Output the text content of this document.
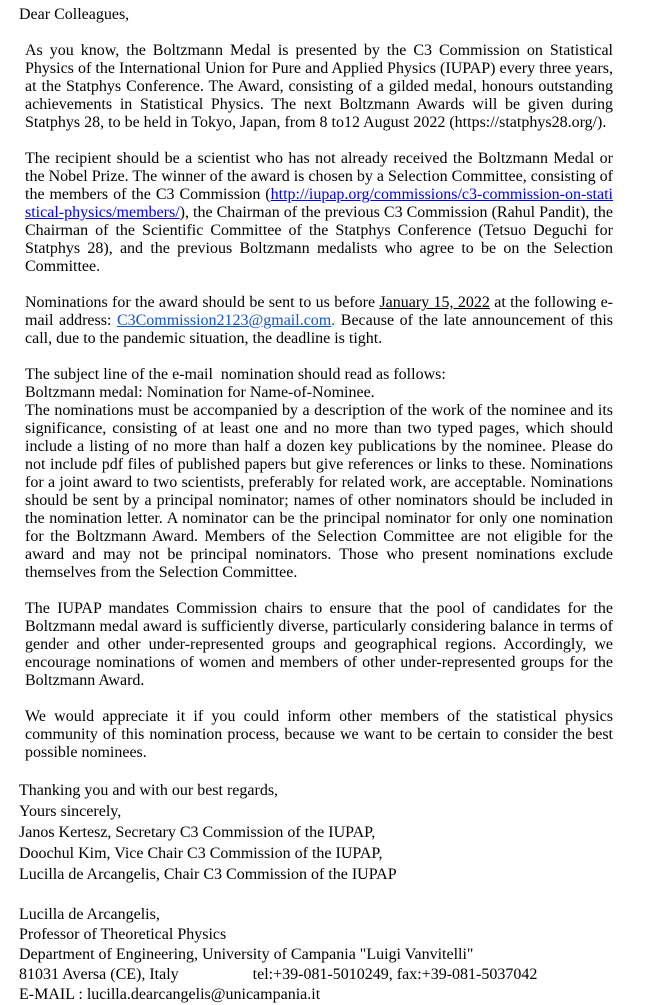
Dear Colleagues,

As you know, the Boltzmann Medal is presented by the C3 Commission on Statistical Physics of the International Union for Pure and Applied Physics (IUPAP) every three years, at the Statphys Conference. The Award, consisting of a gilded medal, honours outstanding achievements in Statistical Physics. The next Boltzmann Awards will be given during Statphys 28, to be held in Tokyo, Japan, from 8 to12 August 2022 (https://statphys28.org/).

The recipient should be a scientist who has not already received the Boltzmann Medal or the Nobel Prize. The winner of the award is chosen by a Selection Committee, consisting of the members of the C3 Commission (http://iupap.org/commissions/c3-commission-on-statistical-physics/members/), the Chairman of the previous C3 Commission (Rahul Pandit), the Chairman of the Scientific Committee of the Statphys Conference (Tetsuo Deguchi for Statphys 28), and the previous Boltzmann medalists who agree to be on the Selection Committee.

Nominations for the award should be sent to us before January 15, 2022 at the following e-mail address: C3Commission2123@gmail.com. Because of the late announcement of this call, due to the pandemic situation, the deadline is tight.

The subject line of the e-mail  nomination should read as follows:
Boltzmann medal: Nomination for Name-of-Nominee.
The nominations must be accompanied by a description of the work of the nominee and its significance, consisting of at least one and no more than two typed pages, which should include a listing of no more than half a dozen key publications by the nominee. Please do not include pdf files of published papers but give references or links to these. Nominations for a joint award to two scientists, preferably for related work, are acceptable. Nominations should be sent by a principal nominator; names of other nominators should be included in the nomination letter. A nominator can be the principal nominator for only one nomination for the Boltzmann Award. Members of the Selection Committee are not eligible for the award and may not be principal nominators. Those who present nominations exclude themselves from the Selection Committee.

The IUPAP mandates Commission chairs to ensure that the pool of candidates for the Boltzmann medal award is sufficiently diverse, particularly considering balance in terms of gender and other under-represented groups and geographical regions. Accordingly, we encourage nominations of women and members of other under-represented groups for the Boltzmann Award.

We would appreciate it if you could inform other members of the statistical physics community of this nomination process, because we want to be certain to consider the best possible nominees.

Thanking you and with our best regards,
Yours sincerely,
Janos Kertesz, Secretary C3 Commission of the IUPAP,
Doochul Kim, Vice Chair C3 Commission of the IUPAP,
Lucilla de Arcangelis, Chair C3 Commission of the IUPAP
Lucilla de Arcangelis,
Professor of Theoretical Physics
Department of Engineering, University of Campania "Luigi Vanvitelli"
81031 Aversa (CE), Italy	tel:+39-081-5010249, fax:+39-081-5037042
E-MAIL : lucilla.dearcangelis@unicampania.it
